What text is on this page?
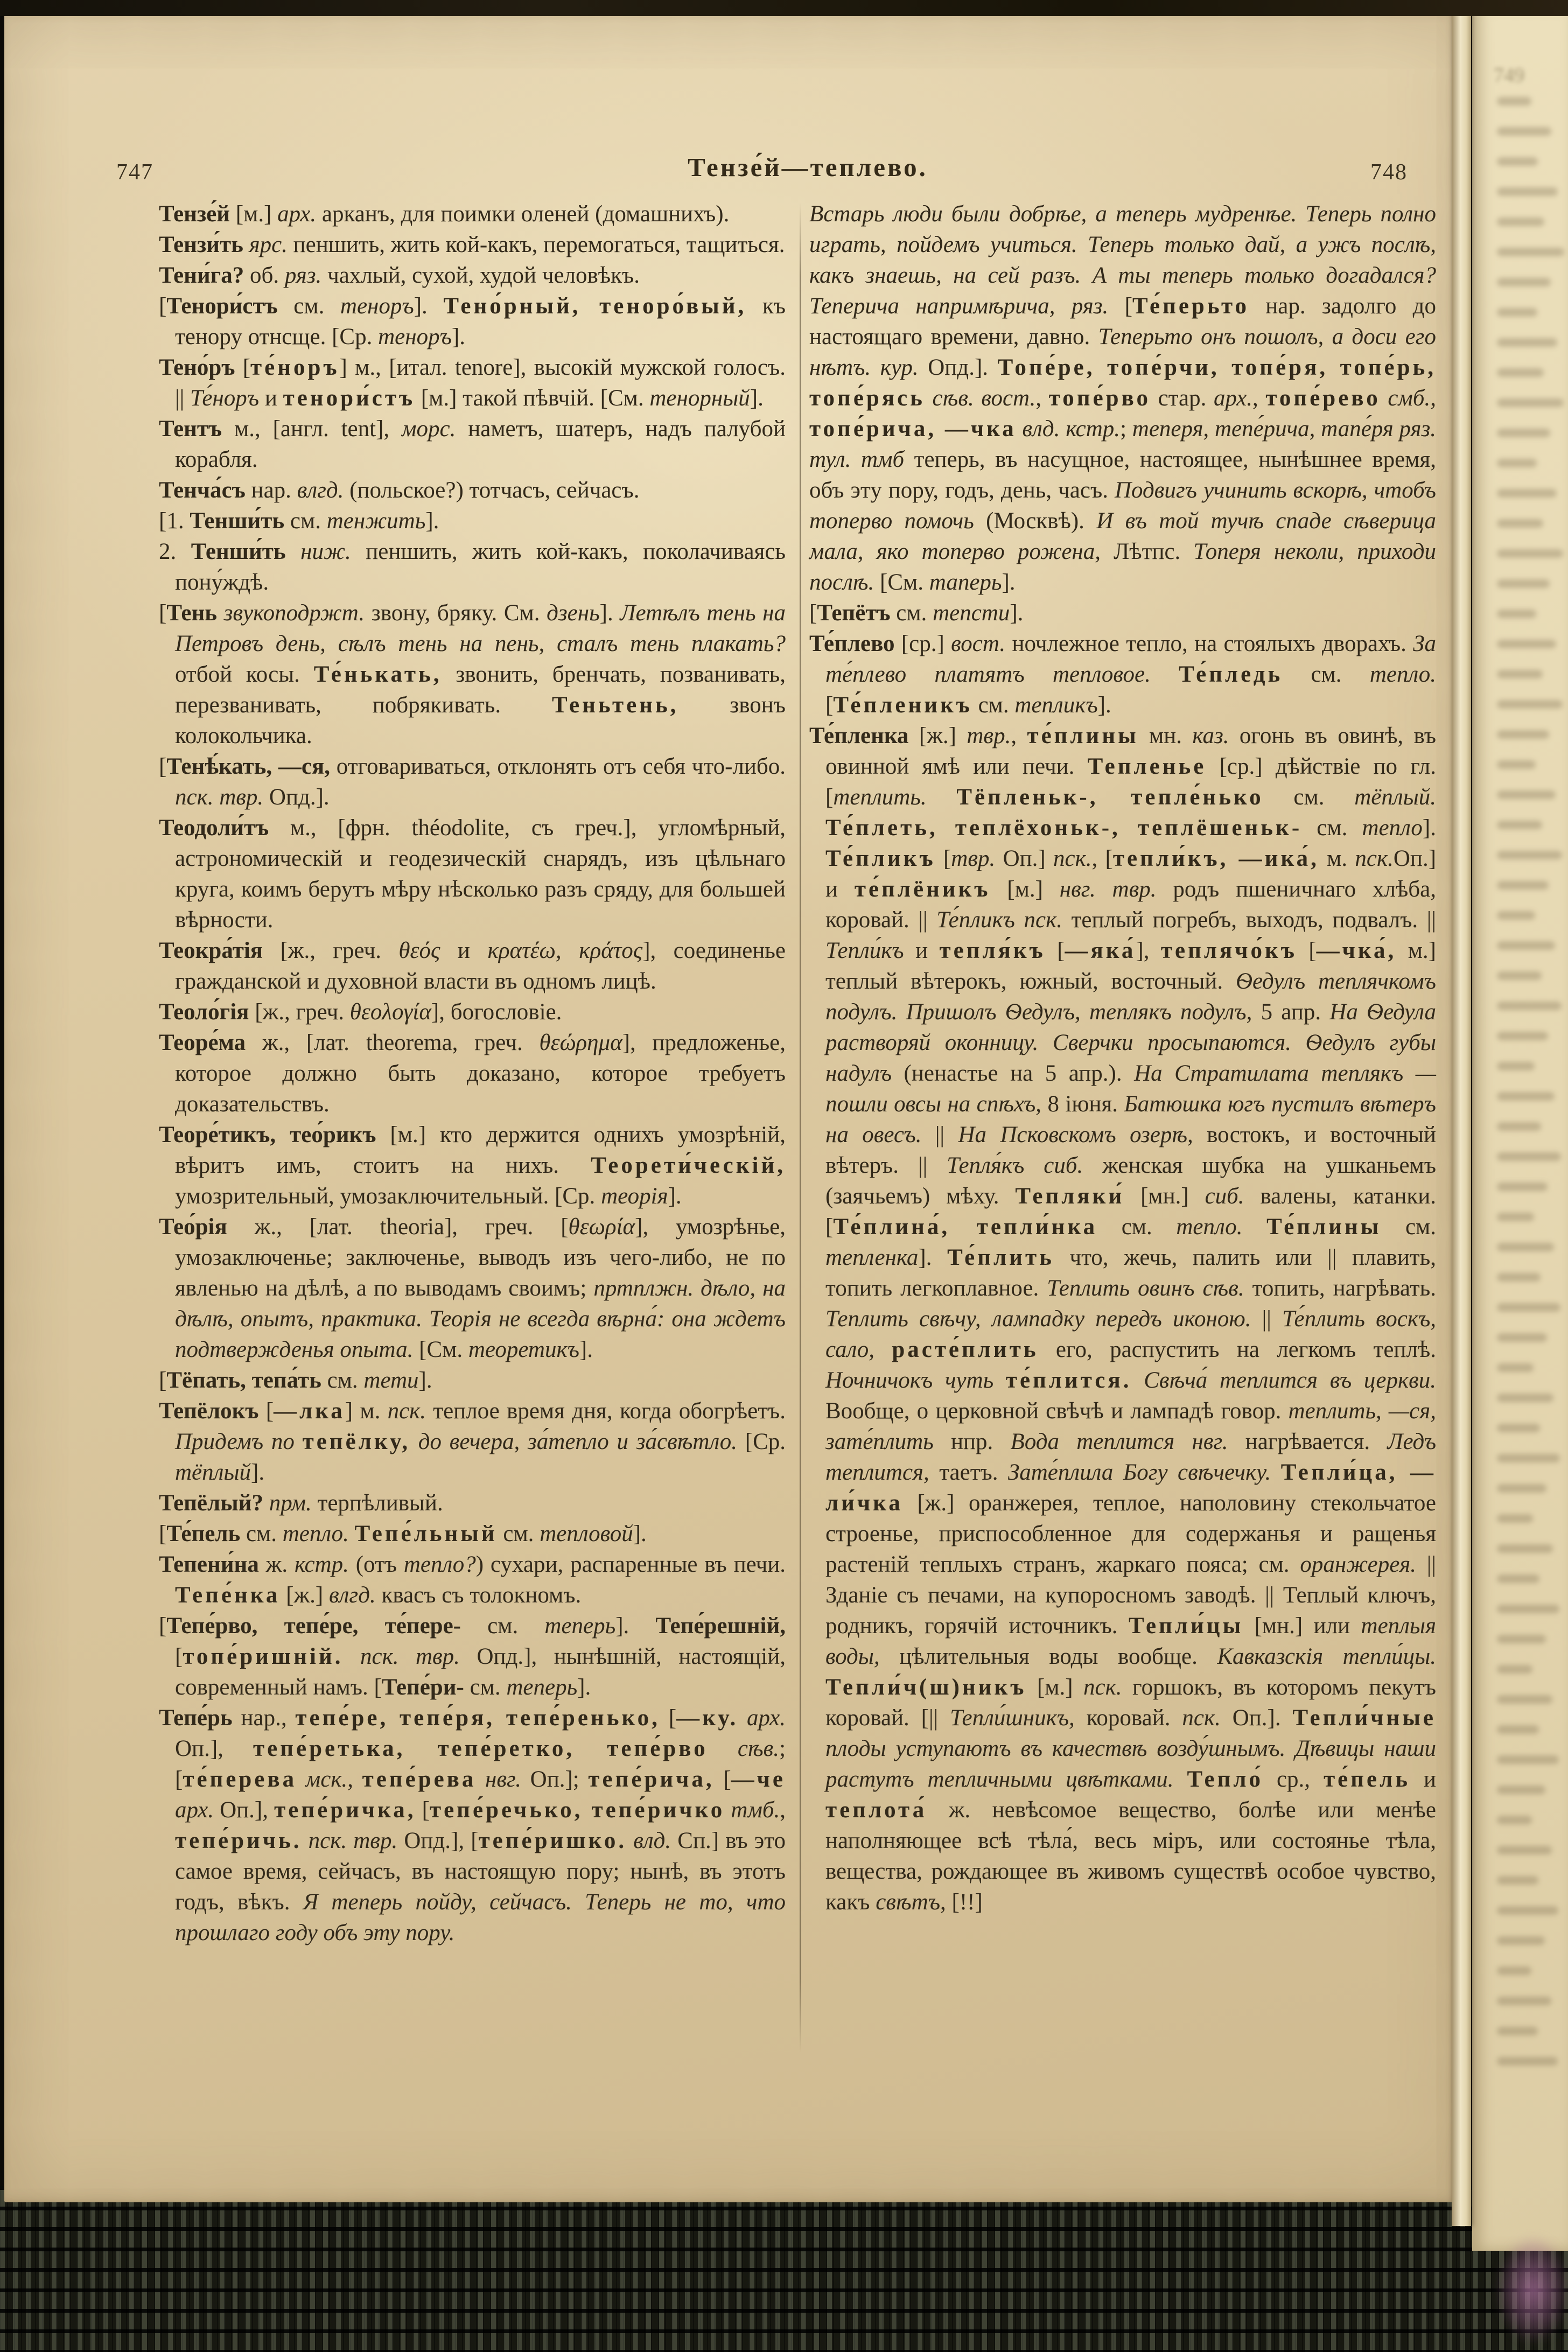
747	Тензе́й—теплево.	748

Тензе́й [м.] арх. арканъ, для поимки оленей (домашнихъ).

Тензи́ть ярс. пеншить, жить кой-какъ, перемогаться, тащиться.

Тени́га? об. ряз. чахлый, сухой, худой человѣкъ.

[Тенори́стъ см. теноръ]. Тено́рный, теноро́вый, къ тенору отнсще. [Ср. теноръ].

Тено́ръ [те́норъ] м., [итал. tenore], высокій мужской голосъ. || Те́норъ и тенори́стъ [м.] такой пѣвчій. [См. тенорный].

Тентъ м., [англ. tent], морс. наметъ, шатеръ, надъ палубой корабля.

Тенча́съ нар. влгд. (польское?) тотчасъ, сейчасъ.

[1. Тенши́ть см. тенжить].

2. Тенши́ть ниж. пеншить, жить кой-какъ, поколачиваясь пону́ждѣ.

[Тень звукоподржт. звону, бряку. См. дзень]. Летѣлъ тень на Петровъ день, сѣлъ тень на пень, сталъ тень плакать? отбой косы. Те́нькать, звонить, бренчать, позванивать, перезванивать, побрякивать. Теньтень, звонъ колокольчика.

[Тенѣ́кать, —ся, отговариваться, отклонять отъ себя что-либо. пск. твр. Опд.].

Теодоли́тъ м., [фрн. théodolite, съ греч.], угломѣрный, астрономическій и геодезическій снарядъ, изъ цѣльнаго круга, коимъ берутъ мѣру нѣсколько разъ сряду, для большей вѣрности.

Теокра́тія [ж., греч. θεός и κρατέω, κράτος], соединенье гражданской и духовной власти въ одномъ лицѣ.

Теоло́гія [ж., греч. θεολογία], богословіе.

Теоре́ма ж., [лат. theorema, греч. θεώρημα], предложенье, которое должно быть доказано, которое требуетъ доказательствъ.

Теоре́тикъ, тео́рикъ [м.] кто держится однихъ умозрѣній, вѣритъ имъ, стоитъ на нихъ. Теорети́ческій, умозрительный, умозаключительный. [Ср. теорія].

Тео́рія ж., [лат. theoria], греч. [θεωρία], умозрѣнье, умозаключенье; заключенье, выводъ изъ чего-либо, не по явленью на дѣлѣ, а по выводамъ своимъ; пртплжн. дѣло, на дѣлѣ, опытъ, практика. Теорія не всегда вѣрна́: она ждетъ подтвержденья опыта. [См. теоретикъ].

[Тёпать, тепа́ть см. тети].

Тепёлокъ [—лка] м. пск. теплое время дня, когда обогрѣетъ. Придемъ по тепёлку, до вечера, за́тепло и за́свѣтло. [Ср. тёплый].

Тепёлый? прм. терпѣливый.

[Те́пель см. тепло. Тепе́льный см. тепловой].

Тепени́на ж. кстр. (отъ тепло?) сухари, распаренные въ печи. Тепе́нка [ж.] влгд. квасъ съ толокномъ.

[Тепе́рво, тепе́ре, те́пере- см. теперь]. Тепе́решній, [топе́ришній. пск. твр. Опд.], нынѣшній, настоящій, современный намъ. [Тепе́ри- см. теперь].

Тепе́рь нар., тепе́ре, тепе́ря, тепе́ренько, [—ку. арх. Оп.], тепе́ретька, тепе́ретко, тепе́рво сѣв.; [те́перева мск., тепе́рева нвг. Оп.]; тепе́рича, [—че арх. Оп.], тепе́ричка, [тепе́речько, тепе́ричко тмб., тепе́ричь. пск. твр. Опд.], [тепе́ришко. влд. Сп.] въ это самое время, сейчасъ, въ настоящую пору; нынѣ, въ этотъ годъ, вѣкъ. Я теперь пойду, сейчасъ. Теперь не то, что прошлаго году объ эту пору.

Встарь люди были добрѣе, а теперь мудренѣе. Теперь полно играть, пойдемъ учиться. Теперь только дай, а ужъ послѣ, какъ знаешь, на сей разъ. А ты теперь только догадался? Теперича напримѣрича, ряз. [Те́перьто нар. задолго до настоящаго времени, давно. Теперьто онъ пошолъ, а доси его нѣтъ. кур. Опд.]. Топе́ре, топе́рчи, топе́ря, топе́рь, топе́рясь сѣв. вост., топе́рво стар. арх., топе́рево смб., топе́рича, —чка влд. кстр.; теперя, тепе́рича, тапе́ря ряз. тул. тмб теперь, въ насущное, настоящее, нынѣшнее время, объ эту пору, годъ, день, часъ. Подвигъ учинить вскорѣ, чтобъ топерво помочь (Москвѣ). И въ той тучѣ спаде сѣверица мала, яко топерво рожена, Лѣтпс. Топеря неколи, приходи послѣ. [См. таперь].

[Тепётъ см. тепсти].

Те́плево [ср.] вост. ночлежное тепло, на стоялыхъ дворахъ. За те́плево платятъ тепловое. Те́пледь см. тепло. [Те́пленикъ см. тепликъ].

Те́пленка [ж.] твр., те́плины мн. каз. огонь въ овинѣ, въ овинной ямѣ или печи. Тепленье [ср.] дѣйствіе по гл. [теплить. Тёпленьк-, тепле́нько см. тёплый. Те́плеть, теплёхоньк-, теплёшеньк- см. тепло]. Те́пликъ [твр. Оп.] пск., [тепли́къ, —ика́, м. пск.Оп.] и те́плёникъ [м.] нвг. твр. родъ пшеничнаго хлѣба, коровай. || Те́пликъ пск. теплый погребъ, выходъ, подвалъ. || Тепли́къ и тепля́къ [—яка́], теплячо́къ [—чка́, м.] теплый вѣтерокъ, южный, восточный. Ѳедулъ теплячкомъ подулъ. Пришолъ Ѳедулъ, теплякъ подулъ, 5 апр. На Ѳедула растворяй оконницу. Сверчки просыпаются. Ѳедулъ губы надулъ (ненастье на 5 апр.). На Стратилата теплякъ — пошли овсы на спѣхъ, 8 іюня. Батюшка югъ пустилъ вѣтеръ на овесъ. || На Псковскомъ озерѣ, востокъ, и восточный вѣтеръ. || Тепля́къ сиб. женская шубка на ушканьемъ (заячьемъ) мѣху. Тепляки́ [мн.] сиб. валены, катанки. [Те́плина́, тепли́нка см. тепло. Те́плины см. тепленка]. Те́плить что, жечь, палить или || плавить, топить легкоплавное. Теплить овинъ сѣв. топить, нагрѣвать. Теплить свѣчу, лампадку передъ иконою. || Те́плить воскъ, сало, расте́плить его, распустить на легкомъ теплѣ. Ночничокъ чуть те́плится. Свѣча́ теплится въ церкви. Вообще, о церковной свѣчѣ и лампадѣ говор. теплить, —ся, зате́плить нпр. Вода теплится нвг. нагрѣвается. Ледъ теплится, таетъ. Зате́плила Богу свѣчечку. Тепли́ца, —ли́чка [ж.] оранжерея, теплое, наполовину стекольчатое строенье, приспособленное для содержанья и ращенья растеній теплыхъ странъ, жаркаго пояса; см. оранжерея. || Зданіе съ печами, на купоросномъ заводѣ. || Теплый ключъ, родникъ, горячій источникъ. Тепли́цы [мн.] или теплыя воды, цѣлительныя воды вообще. Кавказскія тепли́цы. Тепли́ч(ш)никъ [м.] пск. горшокъ, въ которомъ пекутъ коровай. [|| Тепли́шникъ, коровай. пск. Оп.]. Тепли́чные плоды уступаютъ въ качествѣ возду́шнымъ. Дѣвицы наши растутъ тепличными цвѣтками. Тепло́ ср., те́пель и теплота́ ж. невѣсомое вещество, болѣе или менѣе наполняющее всѣ тѣла́, весь міръ, или состоянье тѣла, вещества, рождающее въ живомъ существѣ особое чувство, какъ свѣтъ, [!!]

749
